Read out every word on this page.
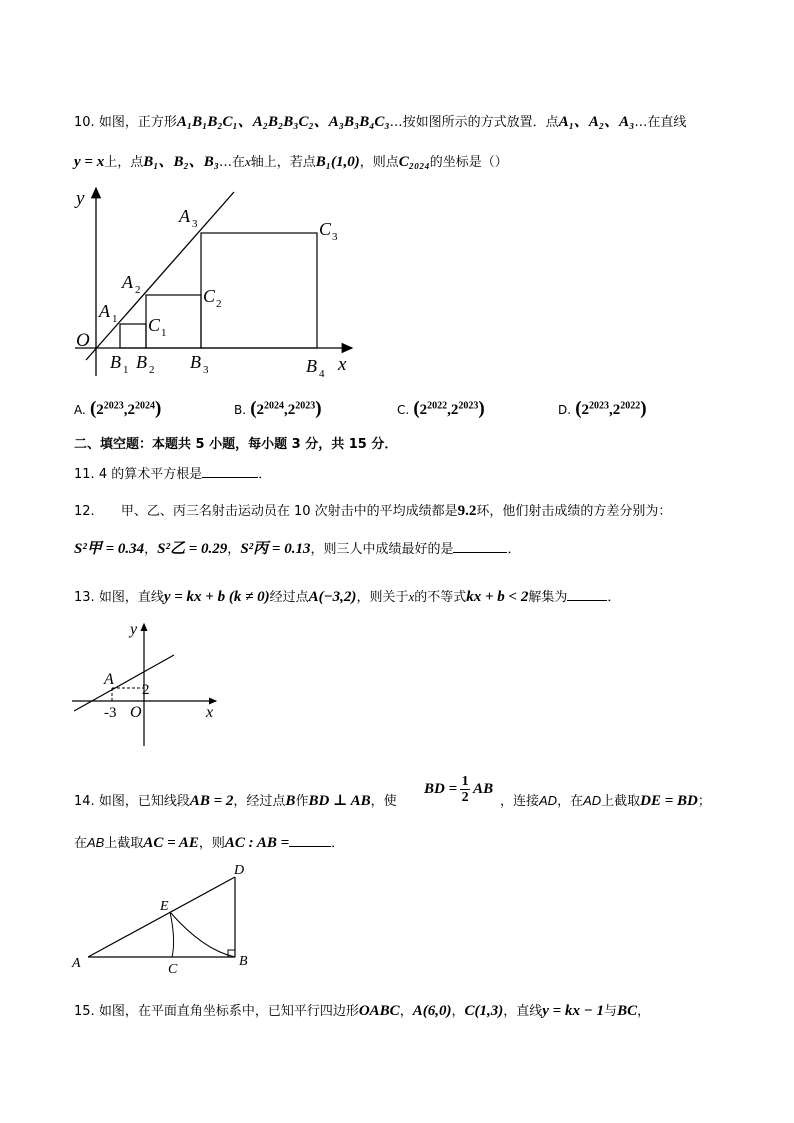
10. 如图，正方形A₁B₁B₂C₁、A₂B₂B₃C₂、A₃B₃B₄C₃…按如图所示的方式放置．点A₁、A₂、A₃…在直线
y = x上，点B₁、B₂、B₃…在x轴上，若点B₁(1,0)，则点C₂₀₂₄的坐标是（）
y
x
O
A 1
A 2
A 3
B 1 B 2 B 3	B 4
C 1
C 2
C 3
A. $(2^{2023},2^{2024})$	B. $(2^{2024},2^{2023})$	C. $(2^{2022},2^{2023})$	D. $(2^{2023},2^{2022})$
二、填空题：本题共 5 小题，每小题 3 分，共 15 分．
11. 4 的算术平方根是	．
12. 甲、乙、丙三名射击运动员在 10 次射击中的平均成绩都是9.2环，他们射击成绩的方差分别为：
S²甲 = 0.34，S²乙 = 0.29，S²丙 = 0.13，则三人中成绩最好的是	．
13. 如图，直线y = kx + b (k ≠ 0)经过点A(−3,2)，则关于x的不等式kx + b < 2解集为	．
y
x
O
A
2
-3
14. 如图，已知线段AB = 2，经过点B作BD ⊥ AB，使
BD = 1
2
AB
，连接AD，在AD上截取DE = BD；
在AB上截取AC = AE，则AC : AB =	．
A	B
C
D
E
15. 如图，在平面直角坐标系中，已知平行四边形OABC，A(6,0)，C(1,3)，直线y = kx − 1与BC，
